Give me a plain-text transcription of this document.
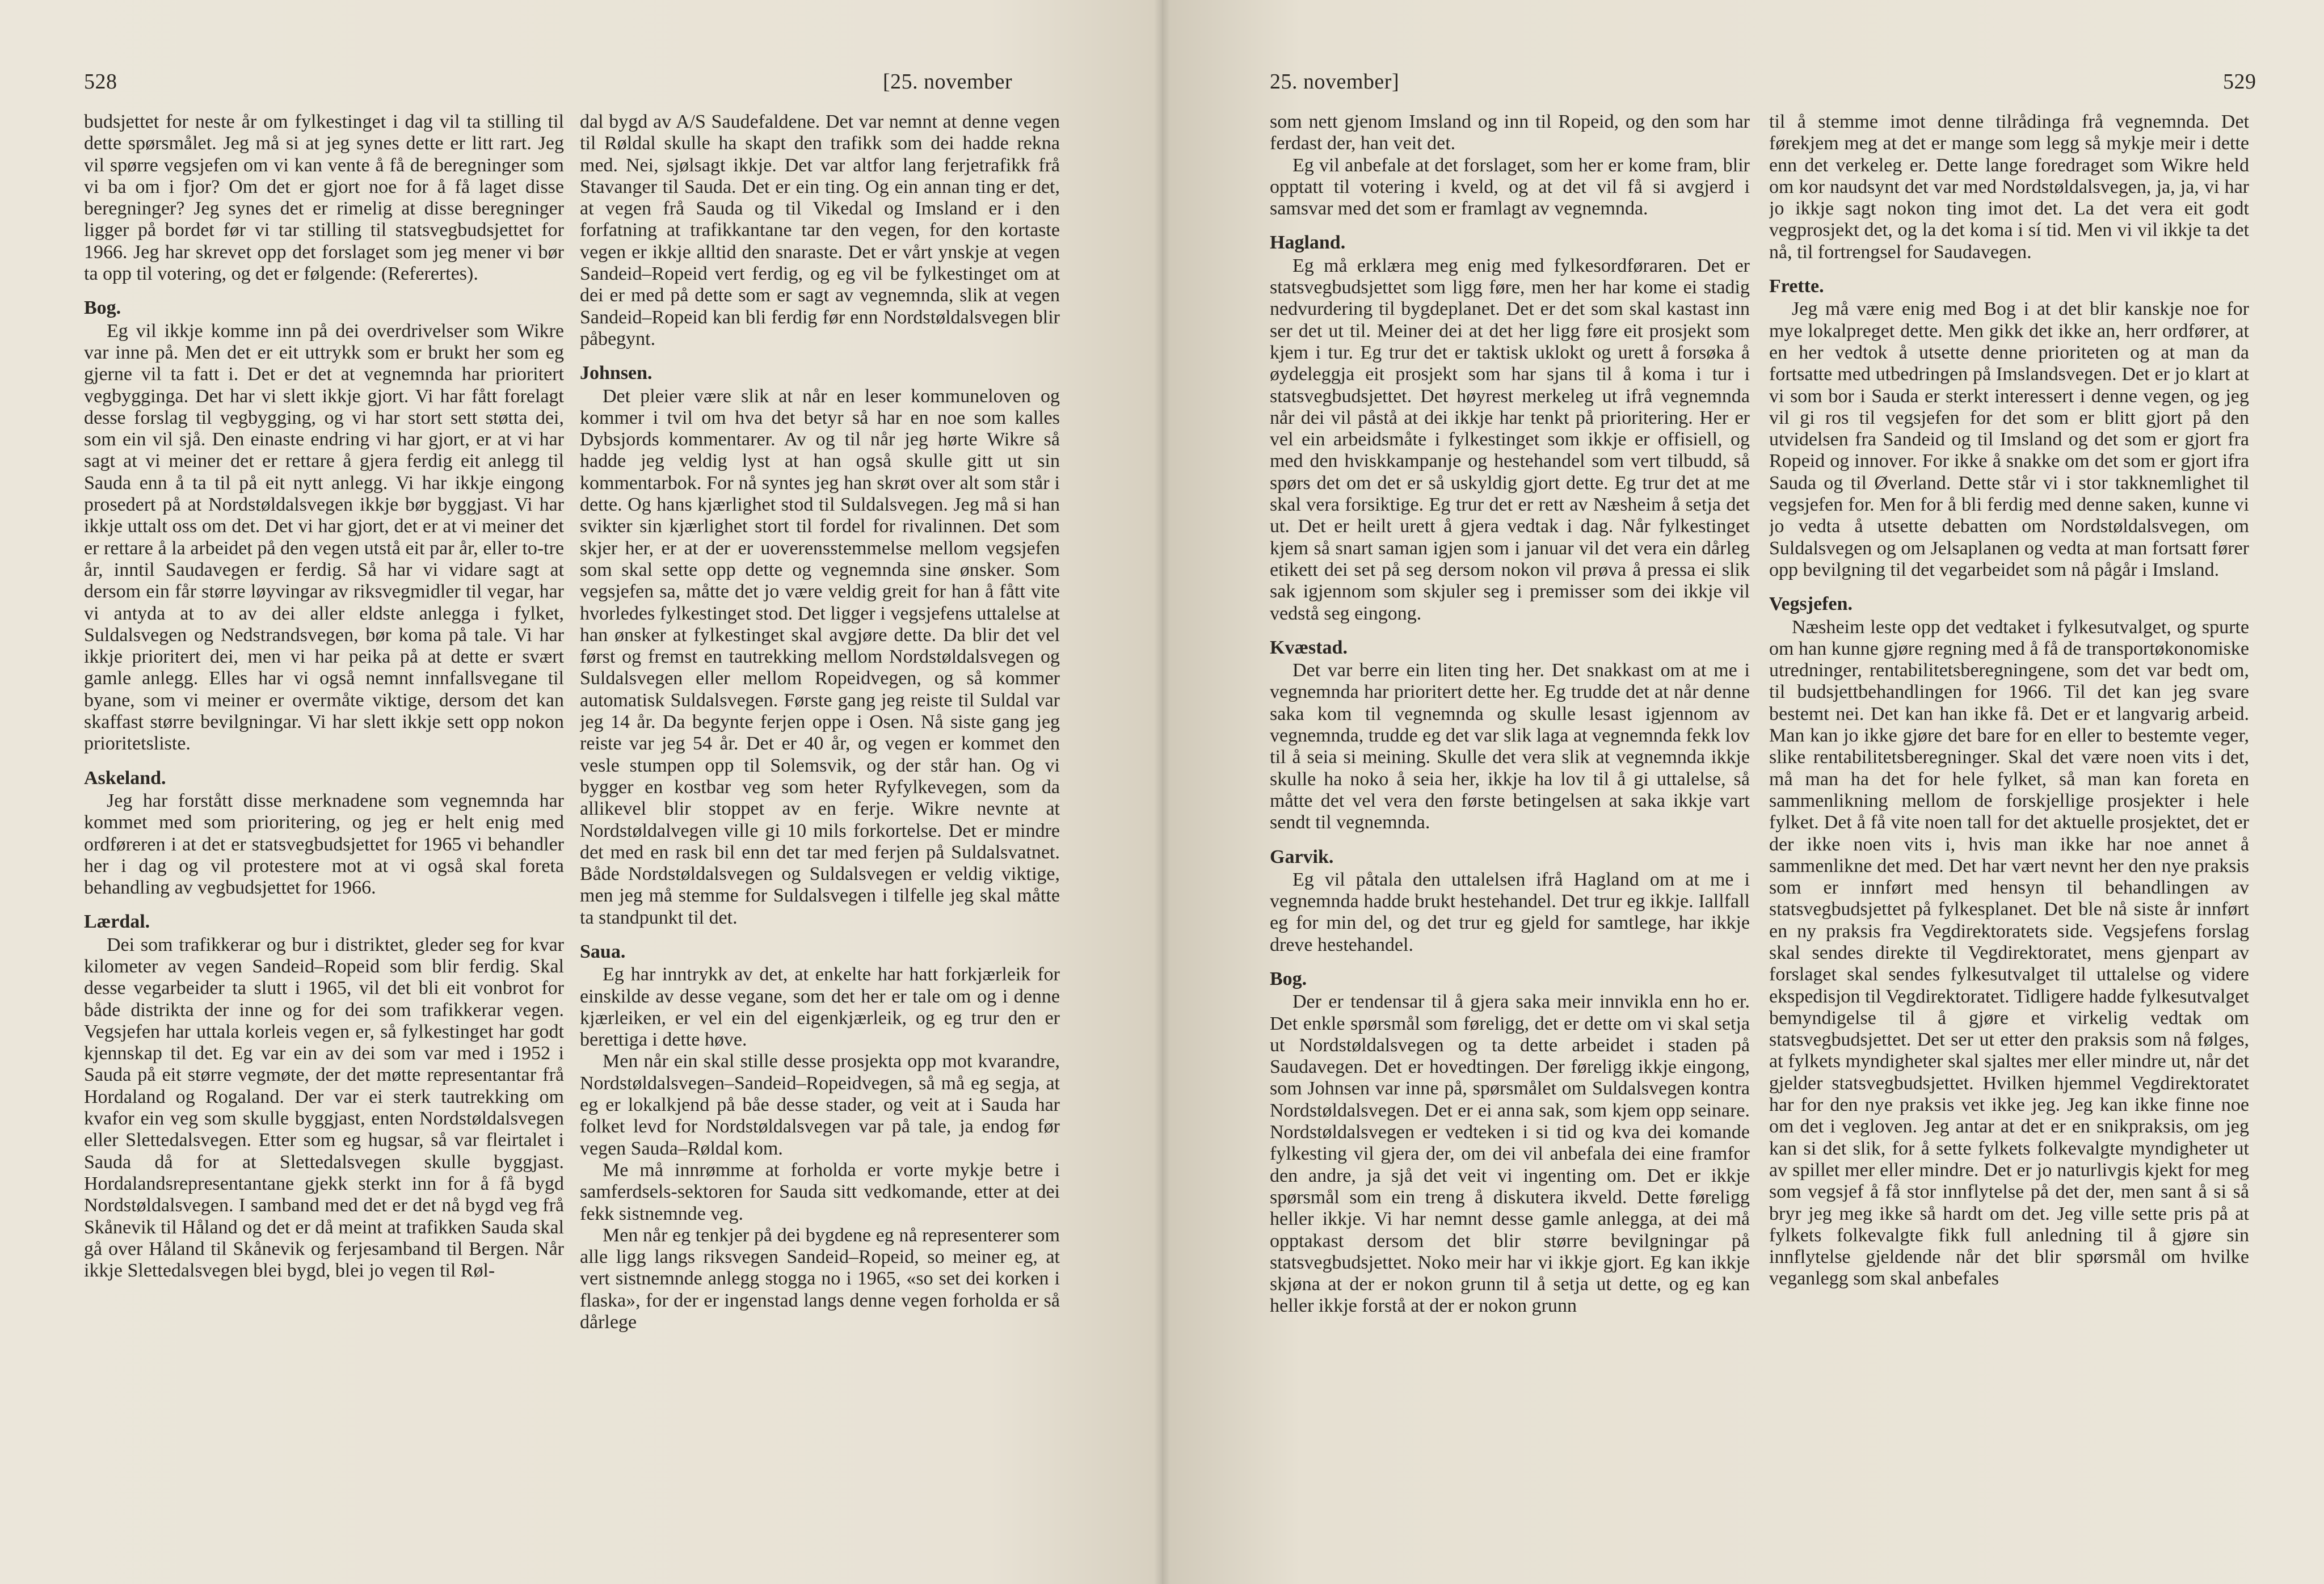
528	[25. november

budsjettet for neste år om fylkestinget i dag vil ta stilling til dette spørsmålet. Jeg må si at jeg synes dette er litt rart. Jeg vil spørre vegsjefen om vi kan vente å få de beregninger som vi ba om i fjor? Om det er gjort noe for å få laget disse beregninger? Jeg synes det er rimelig at disse beregninger ligger på bordet før vi tar stilling til statsvegbudsjettet for 1966. Jeg har skrevet opp det forslaget som jeg mener vi bør ta opp til votering, og det er følgende: (Referertes).

Bog.

Eg vil ikkje komme inn på dei overdrivelser som Wikre var inne på. Men det er eit uttrykk som er brukt her som eg gjerne vil ta fatt i. Det er det at vegnemnda har prioritert vegbygginga. Det har vi slett ikkje gjort. Vi har fått forelagt desse forslag til vegbygging, og vi har stort sett støtta dei, som ein vil sjå. Den einaste endring vi har gjort, er at vi har sagt at vi meiner det er rettare å gjera ferdig eit anlegg til Sauda enn å ta til på eit nytt anlegg. Vi har ikkje eingong prosedert på at Nordstøldalsvegen ikkje bør byggjast. Vi har ikkje uttalt oss om det. Det vi har gjort, det er at vi meiner det er rettare å la arbeidet på den vegen utstå eit par år, eller to-tre år, inntil Saudavegen er ferdig. Så har vi vidare sagt at dersom ein får større løyvingar av riksvegmidler til vegar, har vi antyda at to av dei aller eldste anlegga i fylket, Suldalsvegen og Nedstrandsvegen, bør koma på tale. Vi har ikkje prioritert dei, men vi har peika på at dette er svært gamle anlegg. Elles har vi også nemnt innfallsvegane til byane, som vi meiner er overmåte viktige, dersom det kan skaffast større bevilgningar. Vi har slett ikkje sett opp nokon prioritetsliste.

Askeland.

Jeg har forstått disse merknadene som vegnemnda har kommet med som prioritering, og jeg er helt enig med ordføreren i at det er statsvegbudsjettet for 1965 vi behandler her i dag og vil protestere mot at vi også skal foreta behandling av vegbudsjettet for 1966.

Lærdal.

Dei som trafikkerar og bur i distriktet, gleder seg for kvar kilometer av vegen Sandeid–Ropeid som blir ferdig. Skal desse vegarbeider ta slutt i 1965, vil det bli eit vonbrot for både distrikta der inne og for dei som trafikkerar vegen. Vegsjefen har uttala korleis vegen er, så fylkestinget har godt kjennskap til det. Eg var ein av dei som var med i 1952 i Sauda på eit større vegmøte, der det møtte representantar frå Hordaland og Rogaland. Der var ei sterk tautrekking om kvafor ein veg som skulle byggjast, enten Nordstøldalsvegen eller Slettedalsvegen. Etter som eg hugsar, så var fleirtalet i Sauda då for at Slettedalsvegen skulle byggjast. Hordalandsrepresentantane gjekk sterkt inn for å få bygd Nordstøldalsvegen. I samband med det er det nå bygd veg frå Skånevik til Håland og det er då meint at trafikken Sauda skal gå over Håland til Skånevik og ferjesamband til Bergen. Når ikkje Slettedalsvegen blei bygd, blei jo vegen til Røl-

dal bygd av A/S Saudefaldene. Det var nemnt at denne vegen til Røldal skulle ha skapt den trafikk som dei hadde rekna med. Nei, sjølsagt ikkje. Det var altfor lang ferjetrafikk frå Stavanger til Sauda. Det er ein ting. Og ein annan ting er det, at vegen frå Sauda og til Vikedal og Imsland er i den forfatning at trafikkantane tar den vegen, for den kortaste vegen er ikkje alltid den snaraste. Det er vårt ynskje at vegen Sandeid–Ropeid vert ferdig, og eg vil be fylkestinget om at dei er med på dette som er sagt av vegnemnda, slik at vegen Sandeid–Ropeid kan bli ferdig før enn Nordstøldalsvegen blir påbegynt.

Johnsen.

Det pleier være slik at når en leser kommuneloven og kommer i tvil om hva det betyr så har en noe som kalles Dybsjords kommentarer. Av og til når jeg hørte Wikre så hadde jeg veldig lyst at han også skulle gitt ut sin kommentarbok. For nå syntes jeg han skrøt over alt som står i dette. Og hans kjærlighet stod til Suldalsvegen. Jeg må si han svikter sin kjærlighet stort til fordel for rivalinnen. Det som skjer her, er at der er uoverensstemmelse mellom vegsjefen som skal sette opp dette og vegnemnda sine ønsker. Som vegsjefen sa, måtte det jo være veldig greit for han å fått vite hvorledes fylkestinget stod. Det ligger i vegsjefens uttalelse at han ønsker at fylkestinget skal avgjøre dette. Da blir det vel først og fremst en tautrekking mellom Nordstøldalsvegen og Suldalsvegen eller mellom Ropeidvegen, og så kommer automatisk Suldalsvegen. Første gang jeg reiste til Suldal var jeg 14 år. Da begynte ferjen oppe i Osen. Nå siste gang jeg reiste var jeg 54 år. Det er 40 år, og vegen er kommet den vesle stumpen opp til Solemsvik, og der står han. Og vi bygger en kostbar veg som heter Ryfylkevegen, som da allikevel blir stoppet av en ferje. Wikre nevnte at Nordstøldalvegen ville gi 10 mils forkortelse. Det er mindre det med en rask bil enn det tar med ferjen på Suldalsvatnet. Både Nordstøldalsvegen og Suldalsvegen er veldig viktige, men jeg må stemme for Suldalsvegen i tilfelle jeg skal måtte ta standpunkt til det.

Sauа.

Eg har inntrykk av det, at enkelte har hatt forkjærleik for einskilde av desse vegane, som det her er tale om og i denne kjærleiken, er vel ein del eigenkjærleik, og eg trur den er berettiga i dette høve.

Men når ein skal stille desse prosjekta opp mot kvarandre, Nordstøldalsvegen–Sandeid–Ropeidvegen, så må eg segja, at eg er lokalkjend på båe desse stader, og veit at i Sauda har folket levd for Nordstøldalsvegen var på tale, ja endog før vegen Sauda–Røldal kom.

Me må innrømme at forholda er vorte mykje betre i samferdsels-sektoren for Sauda sitt vedkomande, etter at dei fekk sistnemnde veg.

Men når eg tenkjer på dei bygdene eg nå representerer som alle ligg langs riksvegen Sandeid–Ropeid, so meiner eg, at vert sistnemnde anlegg stogga no i 1965, «so set dei korken i flaska», for der er ingenstad langs denne vegen forholda er så dårlege

25. november]	529

som nett gjenom Imsland og inn til Ropeid, og den som har ferdast der, han veit det.

Eg vil anbefale at det forslaget, som her er kome fram, blir opptatt til votering i kveld, og at det vil få si avgjerd i samsvar med det som er framlagt av vegnemnda.

Hagland.

Eg må erklæra meg enig med fylkesordføraren. Det er statsvegbudsjettet som ligg føre, men her har kome ei stadig nedvurdering til bygdeplanet. Det er det som skal kastast inn ser det ut til. Meiner dei at det her ligg føre eit prosjekt som kjem i tur. Eg trur det er taktisk uklokt og urett å forsøka å øydeleggja eit prosjekt som har sjans til å koma i tur i statsvegbudsjettet. Det høyrest merkeleg ut ifrå vegnemnda når dei vil påstå at dei ikkje har tenkt på prioritering. Her er vel ein arbeidsmåte i fylkestinget som ikkje er offisiell, og med den hviskkampanje og hestehandel som vert tilbudd, så spørs det om det er så uskyldig gjort dette. Eg trur det at me skal vera forsiktige. Eg trur det er rett av Næsheim å setja det ut. Det er heilt urett å gjera vedtak i dag. Når fylkestinget kjem så snart saman igjen som i januar vil det vera ein dårleg etikett dei set på seg dersom nokon vil prøva å pressa ei slik sak igjennom som skjuler seg i premisser som dei ikkje vil vedstå seg eingong.

Kvæstad.

Det var berre ein liten ting her. Det snakkast om at me i vegnemnda har prioritert dette her. Eg trudde det at når denne saka kom til vegnemnda og skulle lesast igjennom av vegnemnda, trudde eg det var slik laga at vegnemnda fekk lov til å seia si meining. Skulle det vera slik at vegnemnda ikkje skulle ha noko å seia her, ikkje ha lov til å gi uttalelse, så måtte det vel vera den første betingelsen at saka ikkje vart sendt til vegnemnda.

Garvik.

Eg vil påtala den uttalelsen ifrå Hagland om at me i vegnemnda hadde brukt hestehandel. Det trur eg ikkje. Iallfall eg for min del, og det trur eg gjeld for samtlege, har ikkje dreve hestehandel.

Bog.

Der er tendensar til å gjera saka meir innvikla enn ho er. Det enkle spørsmål som føreligg, det er dette om vi skal setja ut Nordstøldalsvegen og ta dette arbeidet i staden på Saudavegen. Det er hovedtingen. Der føreligg ikkje eingong, som Johnsen var inne på, spørsmålet om Suldalsvegen kontra Nordstøldalsvegen. Det er ei anna sak, som kjem opp seinare. Nordstøldalsvegen er vedteken i si tid og kva dei komande fylkesting vil gjera der, om dei vil anbefala dei eine framfor den andre, ja sjå det veit vi ingenting om. Det er ikkje spørsmål som ein treng å diskutera ikveld. Dette føreligg heller ikkje. Vi har nemnt desse gamle anlegga, at dei må opptakast dersom det blir større bevilgningar på statsvegbudsjettet. Noko meir har vi ikkje gjort. Eg kan ikkje skjøna at der er nokon grunn til å setja ut dette, og eg kan heller ikkje forstå at der er nokon grunn

til å stemme imot denne tilrådinga frå vegnemnda. Det førekjem meg at det er mange som legg så mykje meir i dette enn det verkeleg er. Dette lange foredraget som Wikre held om kor naudsynt det var med Nordstøldalsvegen, ja, ja, vi har jo ikkje sagt nokon ting imot det. La det vera eit godt vegprosjekt det, og la det koma i sí tid. Men vi vil ikkje ta det nå, til fortrengsel for Saudavegen.

Frette.

Jeg må være enig med Bog i at det blir kanskje noe for mye lokalpreget dette. Men gikk det ikke an, herr ordfører, at en her vedtok å utsette denne prioriteten og at man da fortsatte med utbedringen på Imslandsvegen. Det er jo klart at vi som bor i Sauda er sterkt interessert i denne vegen, og jeg vil gi ros til vegsjefen for det som er blitt gjort på den utvidelsen fra Sandeid og til Imsland og det som er gjort fra Ropeid og innover. For ikke å snakke om det som er gjort ifra Sauda og til Øverland. Dette står vi i stor takknemlighet til vegsjefen for. Men for å bli ferdig med denne saken, kunne vi jo vedta å utsette debatten om Nordstøldalsvegen, om Suldalsvegen og om Jelsaplanen og vedta at man fortsatt fører opp bevilgning til det vegarbeidet som nå pågår i Imsland.

Vegsjefen.

Næsheim leste opp det vedtaket i fylkesutvalget, og spurte om han kunne gjøre regning med å få de transportøkonomiske utredninger, rentabilitetsberegningene, som det var bedt om, til budsjettbehandlingen for 1966. Til det kan jeg svare bestemt nei. Det kan han ikke få. Det er et langvarig arbeid. Man kan jo ikke gjøre det bare for en eller to bestemte veger, slike rentabilitetsberegninger. Skal det være noen vits i det, må man ha det for hele fylket, så man kan foreta en sammenlikning mellom de forskjellige prosjekter i hele fylket. Det å få vite noen tall for det aktuelle prosjektet, det er der ikke noen vits i, hvis man ikke har noe annet å sammenlikne det med. Det har vært nevnt her den nye praksis som er innført med hensyn til behandlingen av statsvegbudsjettet på fylkesplanet. Det ble nå siste år innført en ny praksis fra Vegdirektoratets side. Vegsjefens forslag skal sendes direkte til Vegdirektoratet, mens gjenpart av forslaget skal sendes fylkesutvalget til uttalelse og videre ekspedisjon til Vegdirektoratet. Tidligere hadde fylkesutvalget bemyndigelse til å gjøre et virkelig vedtak om statsvegbudsjettet. Det ser ut etter den praksis som nå følges, at fylkets myndigheter skal sjaltes mer eller mindre ut, når det gjelder statsvegbudsjettet. Hvilken hjemmel Vegdirektoratet har for den nye praksis vet ikke jeg. Jeg kan ikke finne noe om det i vegloven. Jeg antar at det er en snikpraksis, om jeg kan si det slik, for å sette fylkets folkevalgte myndigheter ut av spillet mer eller mindre. Det er jo naturlivgis kjekt for meg som vegsjef å få stor innflytelse på det der, men sant å si så bryr jeg meg ikke så hardt om det. Jeg ville sette pris på at fylkets folkevalgte fikk full anledning til å gjøre sin innflytelse gjeldende når det blir spørsmål om hvilke veganlegg som skal anbefales
